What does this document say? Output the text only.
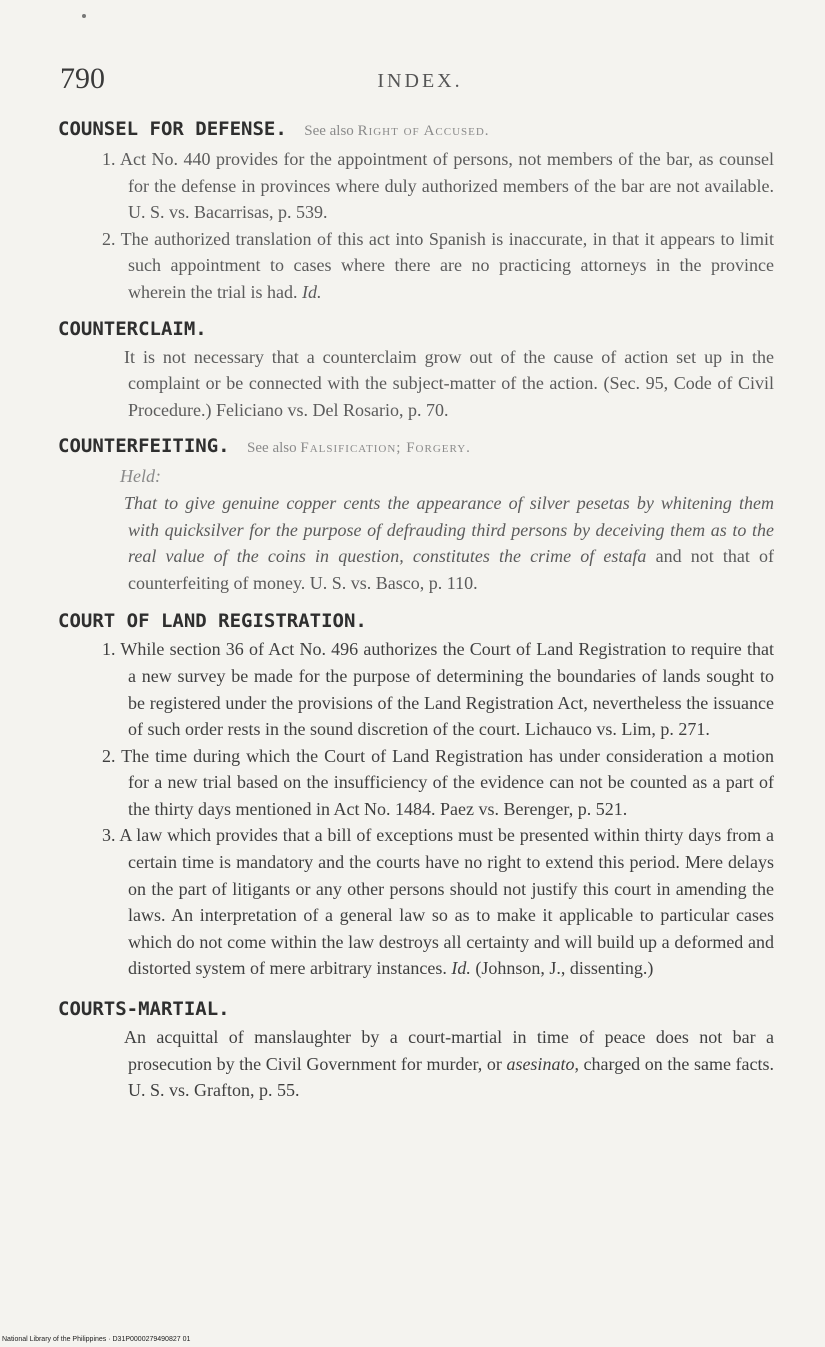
790	INDEX.
COUNSEL FOR DEFENSE. See also Right of Accused.

1. Act No. 440 provides for the appointment of persons, not members of the bar, as counsel for the defense in provinces where duly authorized members of the bar are not available. U. S. vs. Bacarrisas, p. 539.

2. The authorized translation of this act into Spanish is inaccurate, in that it appears to limit such appointment to cases where there are no practicing attorneys in the province wherein the trial is had. Id.

COUNTERCLAIM.

It is not necessary that a counterclaim grow out of the cause of action set up in the complaint or be connected with the subject-matter of the action. (Sec. 95, Code of Civil Procedure.) Feliciano vs. Del Rosario, p. 70.

COUNTERFEITING. See also Falsification; Forgery.

Held:

That to give genuine copper cents the appearance of silver pesetas by whitening them with quicksilver for the purpose of defrauding third persons by deceiving them as to the real value of the coins in question, constitutes the crime of estafa and not that of counterfeiting of money. U. S. vs. Basco, p. 110.

COURT OF LAND REGISTRATION.

1. While section 36 of Act No. 496 authorizes the Court of Land Registration to require that a new survey be made for the purpose of determining the boundaries of lands sought to be registered under the provisions of the Land Registration Act, nevertheless the issuance of such order rests in the sound discretion of the court. Lichauco vs. Lim, p. 271.

2. The time during which the Court of Land Registration has under consideration a motion for a new trial based on the insufficiency of the evidence can not be counted as a part of the thirty days mentioned in Act No. 1484. Paez vs. Berenger, p. 521.

3. A law which provides that a bill of exceptions must be presented within thirty days from a certain time is mandatory and the courts have no right to extend this period. Mere delays on the part of litigants or any other persons should not justify this court in amending the laws. An interpretation of a general law so as to make it applicable to particular cases which do not come within the law destroys all certainty and will build up a deformed and distorted system of mere arbitrary instances. Id. (Johnson, J., dissenting.)

COURTS-MARTIAL.

An acquittal of manslaughter by a court-martial in time of peace does not bar a prosecution by the Civil Government for murder, or asesinato, charged on the same facts. U. S. vs. Grafton, p. 55.

National Library of the Philippines · D31P0000279490827 01
